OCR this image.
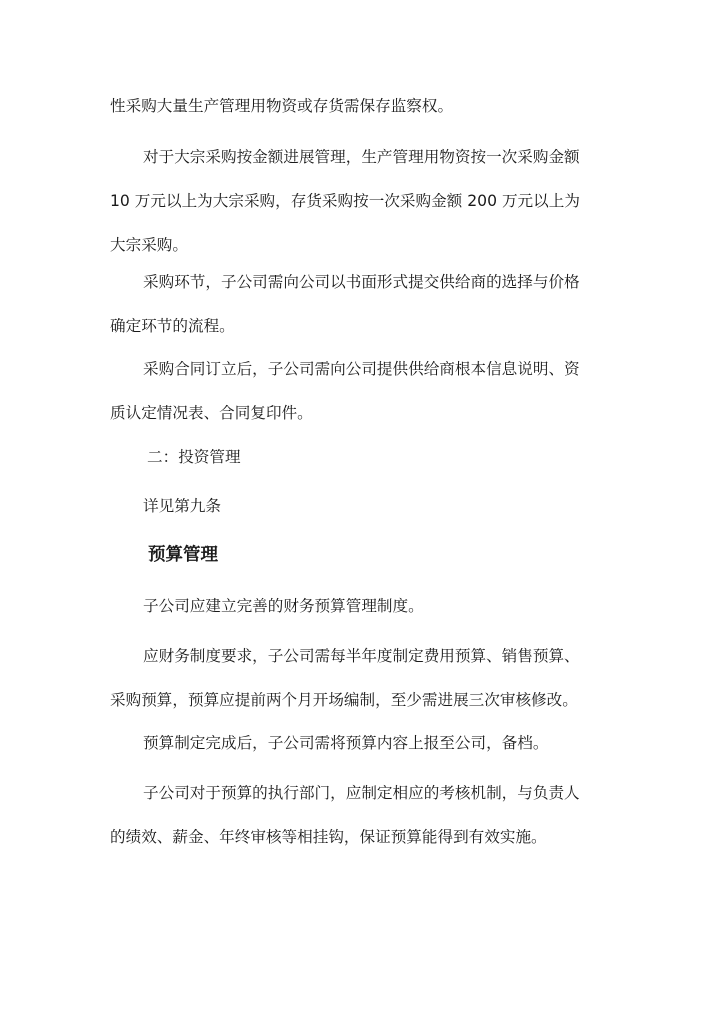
性采购大量生产管理用物资或存货需保存监察权。

对于大宗采购按金额进展管理，生产管理用物资按一次采购金额
10 万元以上为大宗采购，存货采购按一次采购金额 200 万元以上为
大宗采购。

采购环节，子公司需向公司以书面形式提交供给商的选择与价格
确定环节的流程。

采购合同订立后，子公司需向公司提供供给商根本信息说明、资
质认定情况表、合同复印件。

二：投资管理

详见第九条

预算管理

子公司应建立完善的财务预算管理制度。

应财务制度要求，子公司需每半年度制定费用预算、销售预算、
采购预算，预算应提前两个月开场编制，至少需进展三次审核修改。

预算制定完成后，子公司需将预算内容上报至公司，备档。

子公司对于预算的执行部门，应制定相应的考核机制，与负责人
的绩效、薪金、年终审核等相挂钩，保证预算能得到有效实施。
